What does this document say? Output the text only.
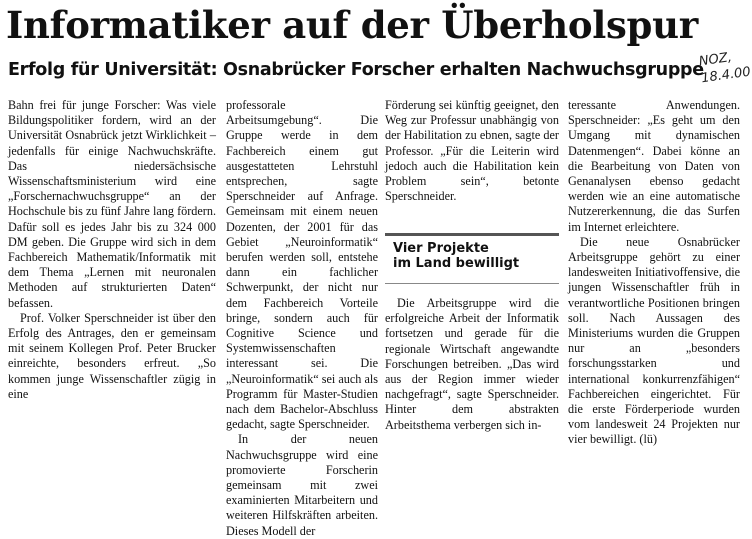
Informatiker auf der Überholspur
Erfolg für Universität: Osnabrücker Forscher erhalten Nachwuchsgruppe
NOZ,
18.4.00

Bahn frei für junge Forscher: Was viele Bildungspolitiker fordern, wird an der Universität Osnabrück jetzt Wirklichkeit – jedenfalls für einige Nachwuchskräfte. Das niedersächsische Wissenschaftsministerium wird eine „Forschernachwuchsgruppe“ an der Hochschule bis zu fünf Jahre lang fördern. Dafür soll es jedes Jahr bis zu 324 000 DM geben. Die Gruppe wird sich in dem Fachbereich Mathematik/Informatik mit dem Thema „Lernen mit neuronalen Methoden auf strukturierten Daten“ befassen.

Prof. Volker Sperschneider ist über den Erfolg des Antrages, den er gemeinsam mit seinem Kollegen Prof. Peter Brucker einreichte, besonders erfreut. „So kommen junge Wissenschaftler zügig in eine

professorale Arbeitsumgebung“. Die Gruppe werde in dem Fachbereich einem gut ausgestatteten Lehrstuhl entsprechen, sagte Sperschneider auf Anfrage. Gemeinsam mit einem neuen Dozenten, der 2001 für das Gebiet „Neuroinformatik“ berufen werden soll, entstehe dann ein fachlicher Schwerpunkt, der nicht nur dem Fachbereich Vorteile bringe, sondern auch für Cognitive Science und Systemwissenschaften interessant sei. Die „Neuroinformatik“ sei auch als Programm für Master-Studien nach dem Bachelor-Abschluss gedacht, sagte Sperschneider.

In der neuen Nachwuchsgruppe wird eine promovierte Forscherin gemeinsam mit zwei examinierten Mitarbeitern und weiteren Hilfskräften arbeiten. Dieses Modell der

Förderung sei künftig geeignet, den Weg zur Professur unabhängig von der Habilitation zu ebnen, sagte der Professor. „Für die Leiterin wird jedoch auch die Habilitation kein Problem sein“, betonte Sperschneider.

Vier Projekte
im Land bewilligt

Die Arbeitsgruppe wird die erfolgreiche Arbeit der Informatik fortsetzen und gerade für die regionale Wirtschaft angewandte Forschungen betreiben. „Das wird aus der Region immer wieder nachgefragt“, sagte Sperschneider. Hinter dem abstrakten Arbeitsthema verbergen sich in-

teressante Anwendungen. Sperschneider: „Es geht um den Umgang mit dynamischen Datenmengen“. Dabei könne an die Bearbeitung von Daten von Genanalysen ebenso gedacht werden wie an eine automatische Nutzererkennung, die das Surfen im Internet erleichtere.

Die neue Osnabrücker Arbeitsgruppe gehört zu einer landesweiten Initiativoffensive, die jungen Wissenschaftler früh in verantwortliche Positionen bringen soll. Nach Aussagen des Ministeriums wurden die Gruppen nur an „besonders forschungsstarken und international konkurrenzfähigen“ Fachbereichen eingerichtet. Für die erste Förderperiode wurden vom landesweit 24 Projekten nur vier bewilligt. (lü)
